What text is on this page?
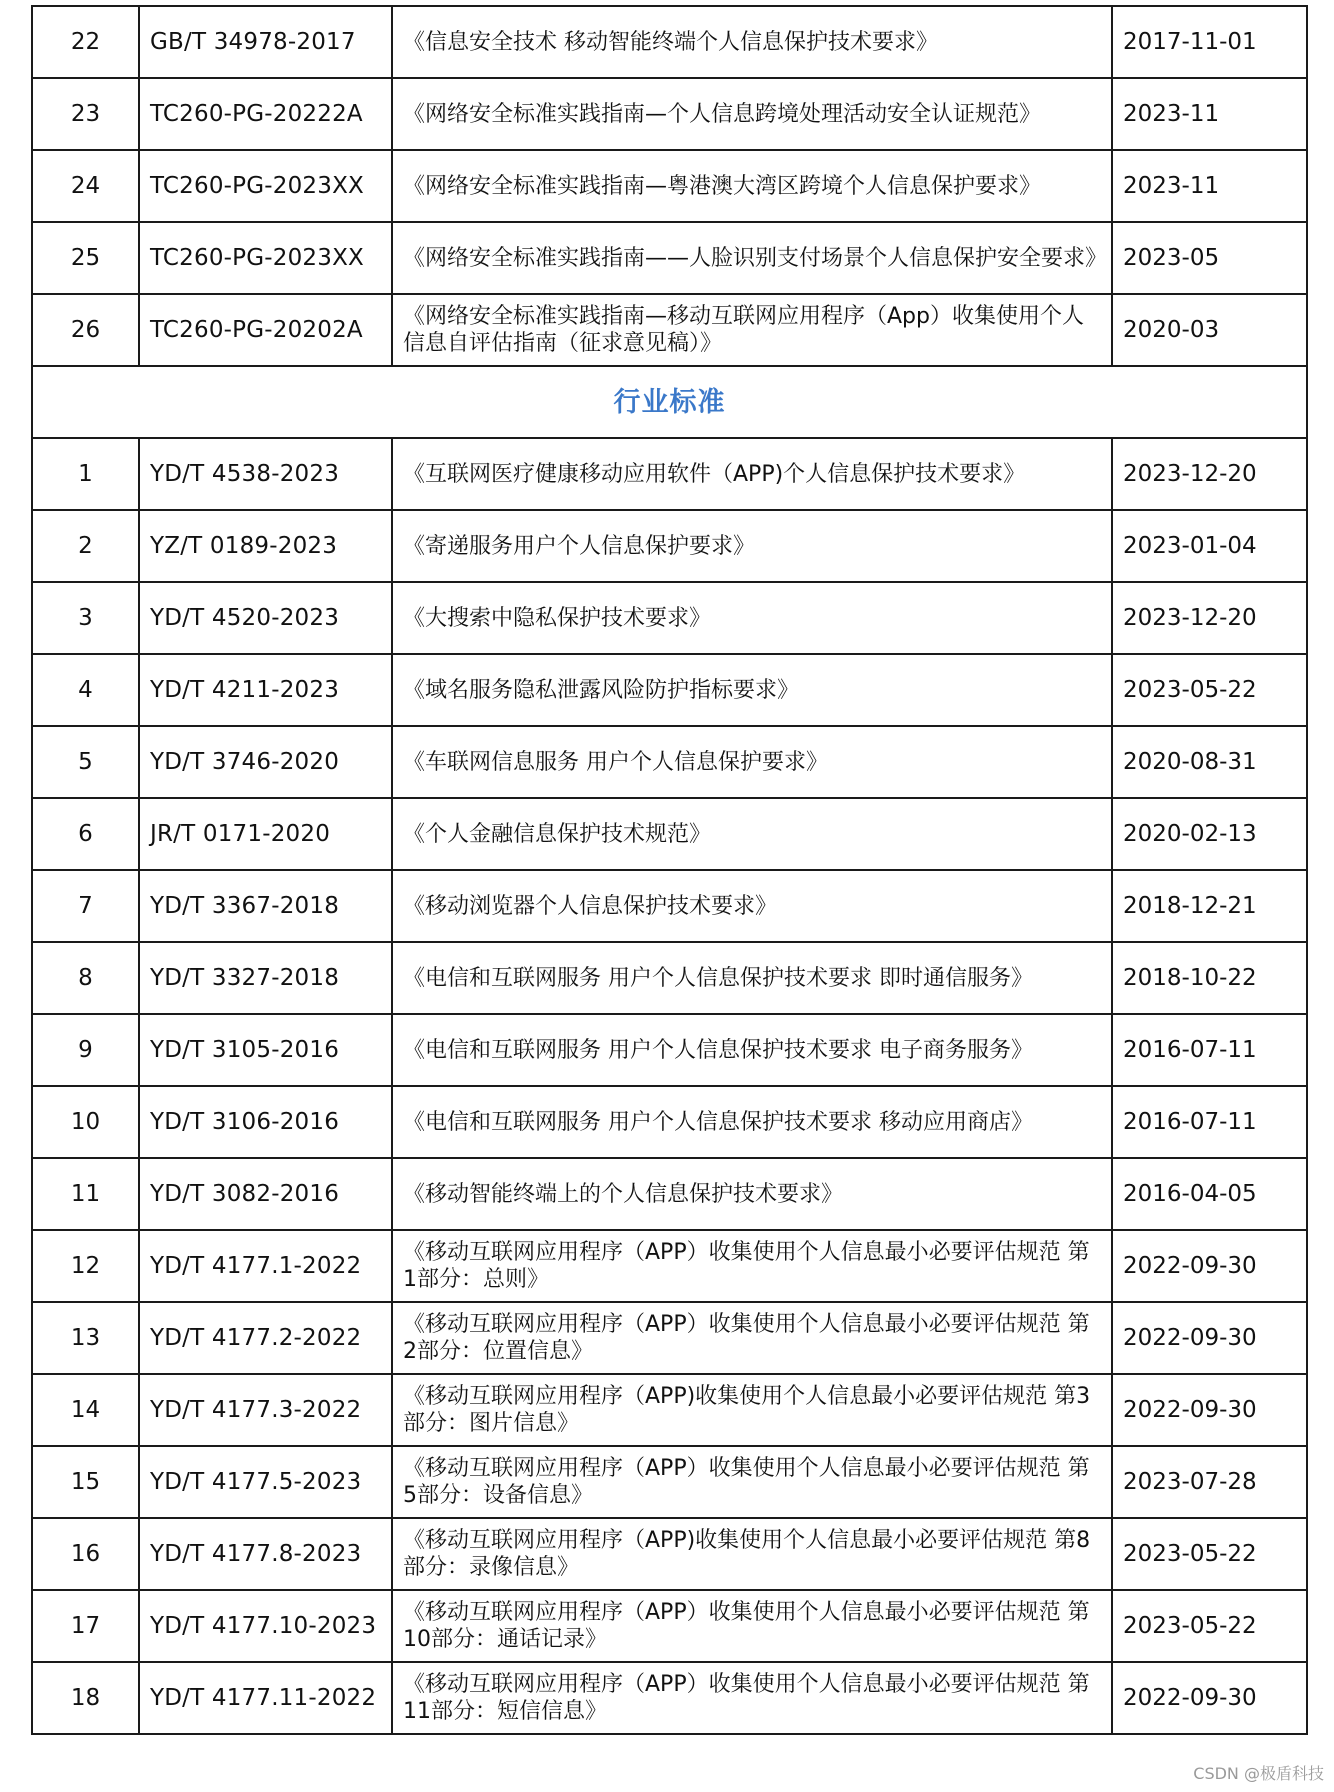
22	GB/T 34978-2017	《信息安全技术 移动智能终端个人信息保护技术要求》	2017-11-01
23	TC260-PG-20222A	《网络安全标准实践指南—个人信息跨境处理活动安全认证规范》	2023-11
24	TC260-PG-2023XX	《网络安全标准实践指南—粤港澳大湾区跨境个人信息保护要求》	2023-11
25	TC260-PG-2023XX	《网络安全标准实践指南——人脸识别支付场景个人信息保护安全要求》	2023-05
26	TC260-PG-20202A	《网络安全标准实践指南—移动互联网应用程序（App）收集使用个人信息自评估指南（征求意见稿）》	2020-03
行业标准			
1	YD/T 4538-2023	《互联网医疗健康移动应用软件（APP)个人信息保护技术要求》	2023-12-20
2	YZ/T 0189-2023	《寄递服务用户个人信息保护要求》	2023-01-04
3	YD/T 4520-2023	《大搜索中隐私保护技术要求》	2023-12-20
4	YD/T 4211-2023	《域名服务隐私泄露风险防护指标要求》	2023-05-22
5	YD/T 3746-2020	《车联网信息服务 用户个人信息保护要求》	2020-08-31
6	JR/T 0171-2020	《个人金融信息保护技术规范》	2020-02-13
7	YD/T 3367-2018	《移动浏览器个人信息保护技术要求》	2018-12-21
8	YD/T 3327-2018	《电信和互联网服务 用户个人信息保护技术要求 即时通信服务》	2018-10-22
9	YD/T 3105-2016	《电信和互联网服务 用户个人信息保护技术要求 电子商务服务》	2016-07-11
10	YD/T 3106-2016	《电信和互联网服务 用户个人信息保护技术要求 移动应用商店》	2016-07-11
11	YD/T 3082-2016	《移动智能终端上的个人信息保护技术要求》	2016-04-05
12	YD/T 4177.1-2022	《移动互联网应用程序（APP）收集使用个人信息最小必要评估规范 第1部分：总则》	2022-09-30
13	YD/T 4177.2-2022	《移动互联网应用程序（APP）收集使用个人信息最小必要评估规范 第2部分：位置信息》	2022-09-30
14	YD/T 4177.3-2022	《移动互联网应用程序（APP)收集使用个人信息最小必要评估规范 第3部分：图片信息》	2022-09-30
15	YD/T 4177.5-2023	《移动互联网应用程序（APP）收集使用个人信息最小必要评估规范 第5部分：设备信息》	2023-07-28
16	YD/T 4177.8-2023	《移动互联网应用程序（APP)收集使用个人信息最小必要评估规范 第8部分：录像信息》	2023-05-22
17	YD/T 4177.10-2023	《移动互联网应用程序（APP）收集使用个人信息最小必要评估规范 第10部分：通话记录》	2023-05-22
18	YD/T 4177.11-2022	《移动互联网应用程序（APP）收集使用个人信息最小必要评估规范 第11部分：短信信息》	2022-09-30
CSDN @极盾科技
